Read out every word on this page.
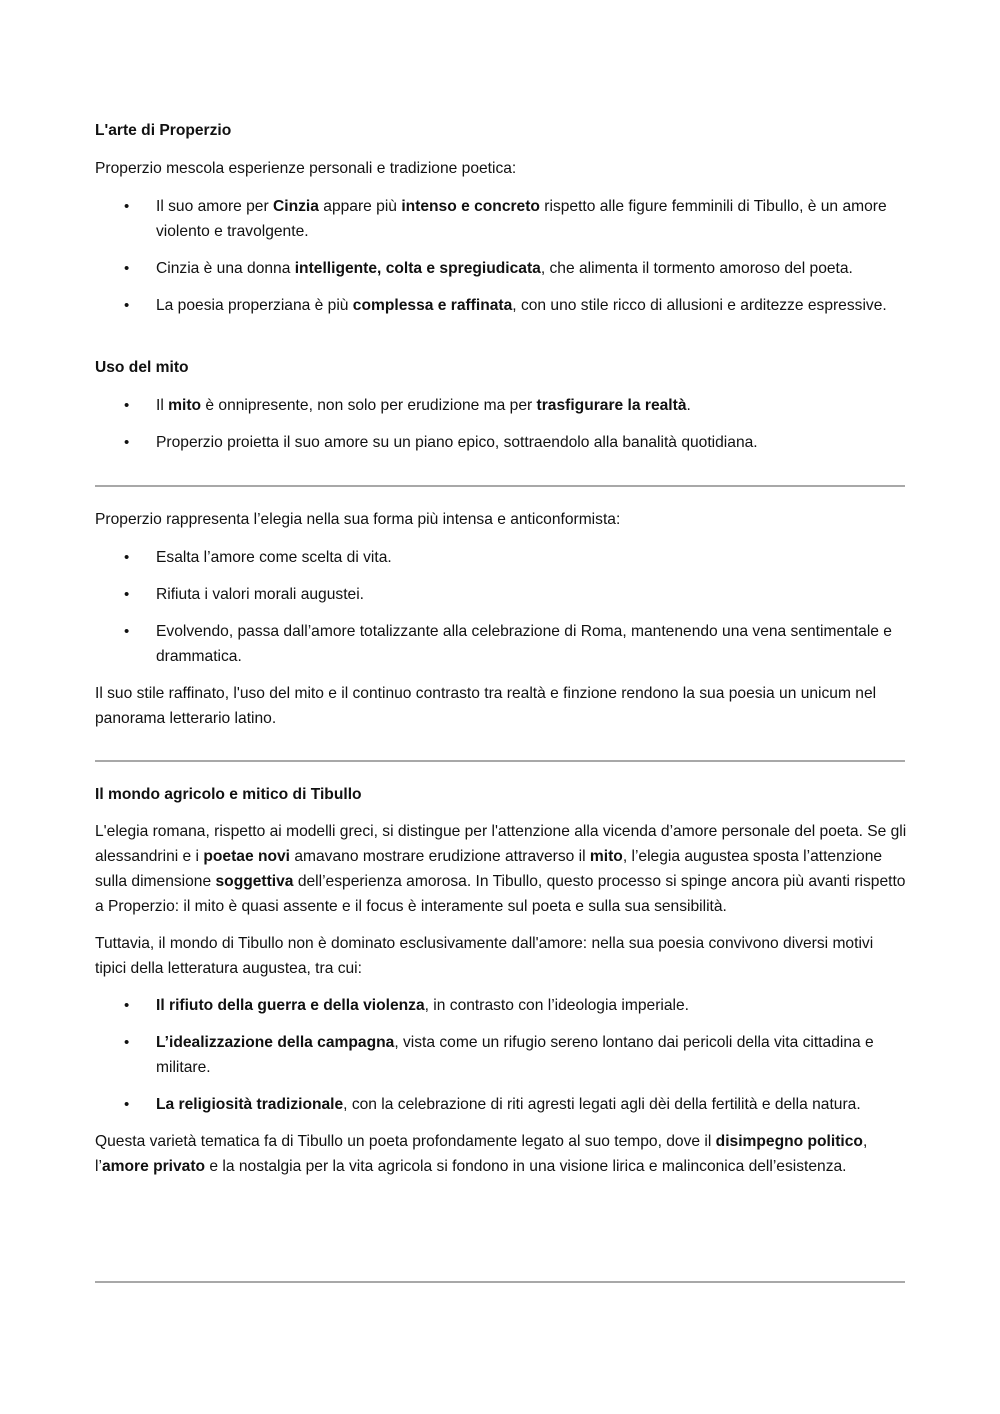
L'arte di Properzio

Properzio mescola esperienze personali e tradizione poetica:

• Il suo amore per Cinzia appare più intenso e concreto rispetto alle figure femminili di Tibullo, è un amore violento e travolgente.
• Cinzia è una donna intelligente, colta e spregiudicata, che alimenta il tormento amoroso del poeta.
• La poesia properziana è più complessa e raffinata, con uno stile ricco di allusioni e arditezze espressive.

Uso del mito

• Il mito è onnipresente, non solo per erudizione ma per trasfigurare la realtà.
• Properzio proietta il suo amore su un piano epico, sottraendolo alla banalità quotidiana.

Properzio rappresenta l’elegia nella sua forma più intensa e anticonformista:

• Esalta l’amore come scelta di vita.
• Rifiuta i valori morali augustei.
• Evolvendo, passa dall’amore totalizzante alla celebrazione di Roma, mantenendo una vena sentimentale e drammatica.

Il suo stile raffinato, l'uso del mito e il continuo contrasto tra realtà e finzione rendono la sua poesia un unicum nel panorama letterario latino.

Il mondo agricolo e mitico di Tibullo

L'elegia romana, rispetto ai modelli greci, si distingue per l'attenzione alla vicenda d’amore personale del poeta. Se gli alessandrini e i poetae novi amavano mostrare erudizione attraverso il mito, l’elegia augustea sposta l’attenzione sulla dimensione soggettiva dell’esperienza amorosa. In Tibullo, questo processo si spinge ancora più avanti rispetto a Properzio: il mito è quasi assente e il focus è interamente sul poeta e sulla sua sensibilità.

Tuttavia, il mondo di Tibullo non è dominato esclusivamente dall'amore: nella sua poesia convivono diversi motivi tipici della letteratura augustea, tra cui:

• Il rifiuto della guerra e della violenza, in contrasto con l’ideologia imperiale.
• L’idealizzazione della campagna, vista come un rifugio sereno lontano dai pericoli della vita cittadina e militare.
• La religiosità tradizionale, con la celebrazione di riti agresti legati agli dèi della fertilità e della natura.

Questa varietà tematica fa di Tibullo un poeta profondamente legato al suo tempo, dove il disimpegno politico, l’amore privato e la nostalgia per la vita agricola si fondono in una visione lirica e malinconica dell’esistenza.
